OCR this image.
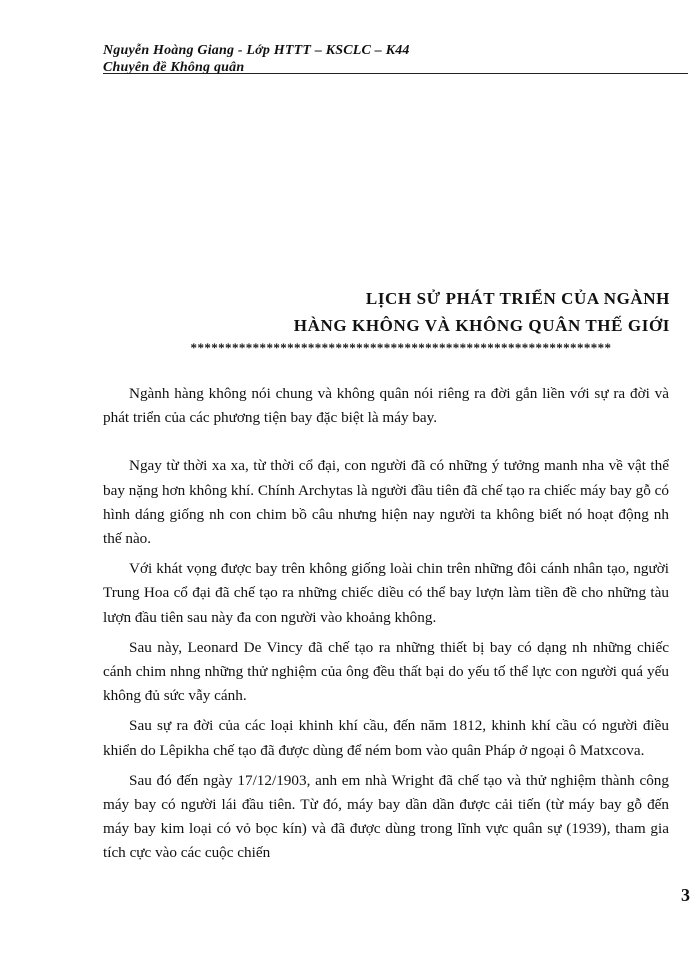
Nguyễn Hoàng Giang - Lớp HTTT – KSCLC – K44
Chuyên đề Không quân
LỊCH SỬ PHÁT TRIỂN CỦA NGÀNH
HÀNG KHÔNG VÀ KHÔNG QUÂN THẾ GIỚI
*************************************************************

Ngành hàng không nói chung và không quân nói riêng ra đời gắn liền với sự ra đời và phát triển của các phương tiện bay đặc biệt là máy bay.

Ngay từ thời xa xa, từ thời cổ đại, con người đã có những ý tưởng manh nha về vật thể bay nặng hơn không khí. Chính Archytas là người đầu tiên đã chế tạo ra chiếc máy bay gỗ có hình dáng giống nh con chim bồ câu nhưng hiện nay người ta không biết nó hoạt động nh thế nào.

Với khát vọng được bay trên không giống loài chin trên những đôi cánh nhân tạo, người Trung Hoa cổ đại đã chế tạo ra những chiếc diều có thể bay lượn làm tiền đề cho những tàu lượn đầu tiên sau này đa con người vào khoảng không.

Sau này, Leonard De Vincy đã chế tạo ra những thiết bị bay có dạng nh những chiếc cánh chim nhng những thử nghiệm của ông đều thất bại do yếu tố thể lực con người quá yếu không đủ sức vẫy cánh.

Sau sự ra đời của các loại khinh khí cầu, đến năm 1812, khinh khí cầu có người điều khiển do Lêpikha chế tạo đã được dùng để ném bom vào quân Pháp ở ngoại ô Matxcova.

Sau đó đến ngày 17/12/1903, anh em nhà Wright đã chế tạo và thử nghiệm thành công máy bay có người lái đầu tiên. Từ đó, máy bay dần dần được cải tiến (từ máy bay gỗ đến máy bay kim loại có vỏ bọc kín) và đã được dùng trong lĩnh vực quân sự (1939), tham gia tích cực vào các cuộc chiến

3
